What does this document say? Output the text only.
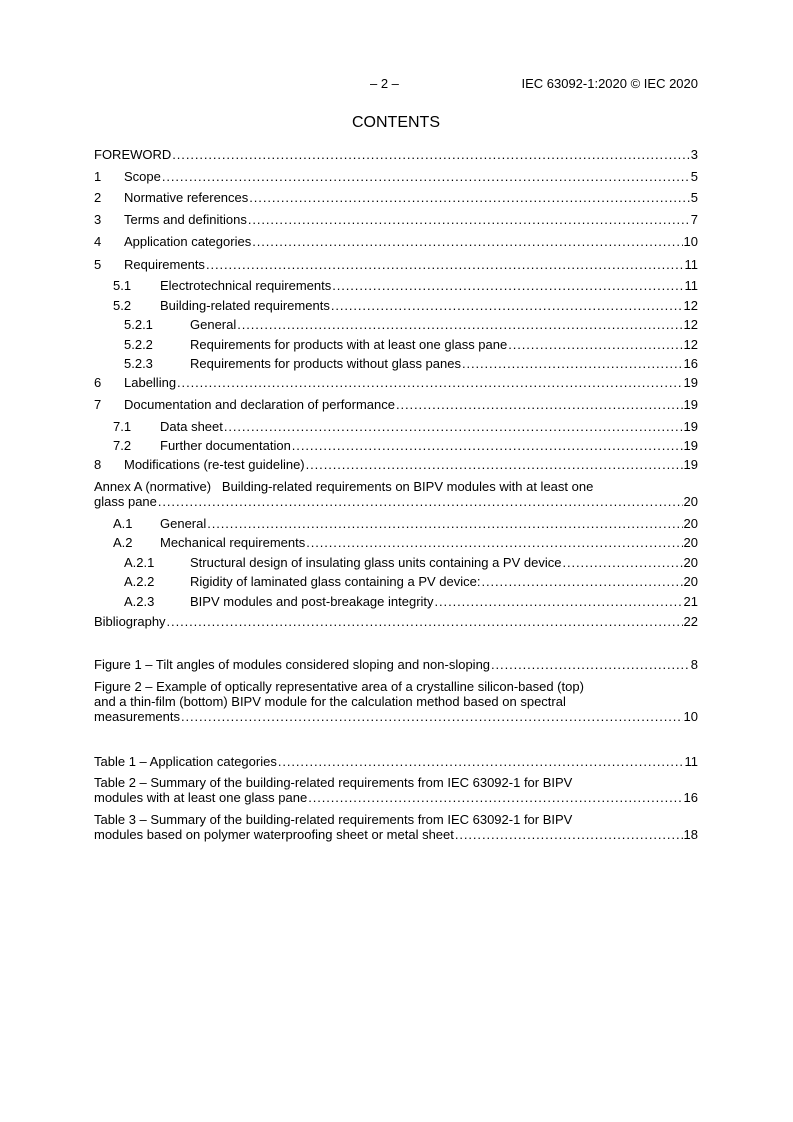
– 2 –	IEC 63092-1:2020 © IEC 2020
CONTENTS
FOREWORD .....	3
1 Scope .....	5
2 Normative references .....	5
3 Terms and definitions .....	7
4 Application categories .....	10
5 Requirements .....	11
5.1 Electrotechnical requirements .....	11
5.2 Building-related requirements .....	12
5.2.1	General .....	12
5.2.2	Requirements for products with at least one glass pane .....	12
5.2.3	Requirements for products without glass panes .....	16
6 Labelling .....	19
7 Documentation and declaration of performance .....	19
7.1 Data sheet .....	19
7.2 Further documentation .....	19
8 Modifications (re-test guideline) .....	19
Annex A (normative)   Building-related requirements on BIPV modules with at least one
glass pane .....	20
A.1 General .....	20
A.2 Mechanical requirements .....	20
A.2.1	Structural design of insulating glass units containing a PV device .....	20
A.2.2	Rigidity of laminated glass containing a PV device: .....	20
A.2.3	BIPV modules and post-breakage integrity .....	21
Bibliography .....	22
Figure 1 – Tilt angles of modules considered sloping and non-sloping .....	8
Figure 2 – Example of optically representative area of a crystalline silicon-based (top)
and a thin-film (bottom) BIPV module for the calculation method based on spectral
measurements .....	10
Table 1 – Application categories .....	11
Table 2 – Summary of the building-related requirements from IEC 63092-1 for BIPV
modules with at least one glass pane .....	16
Table 3 – Summary of the building-related requirements from IEC 63092-1 for BIPV
modules based on polymer waterproofing sheet or metal sheet .....	18
